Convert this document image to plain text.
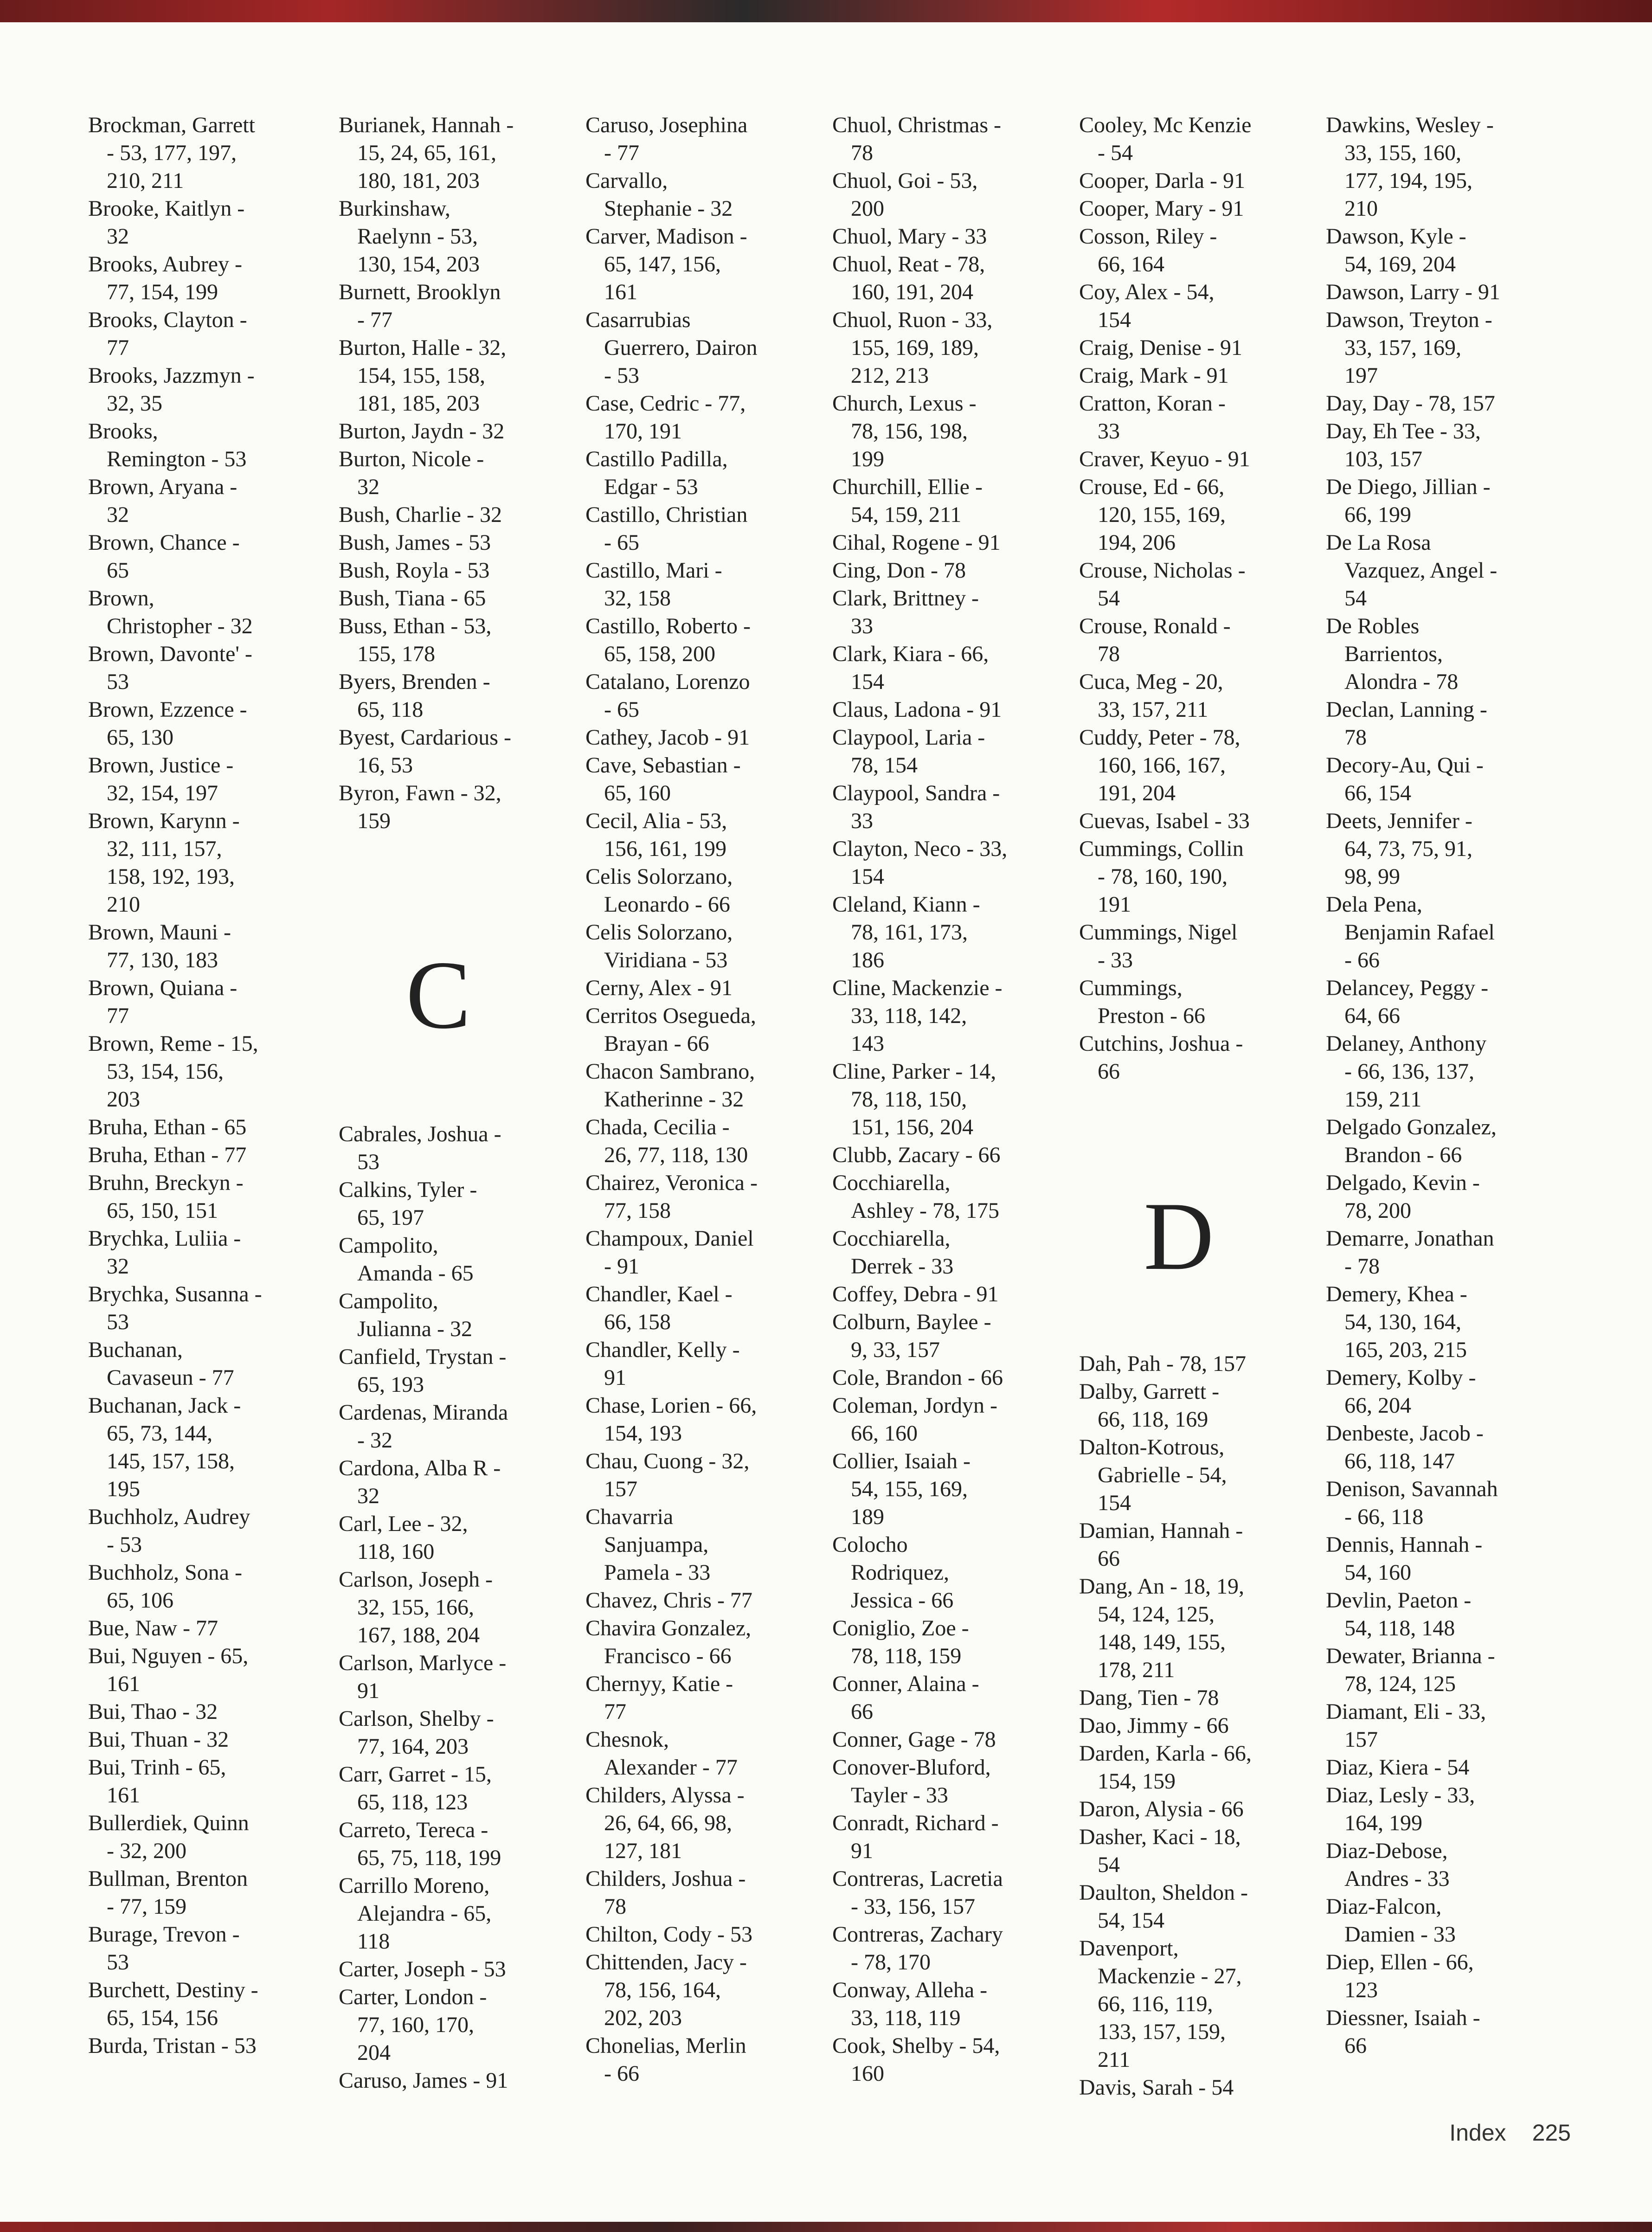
Brockman, Garrett
- 53, 177, 197,
210, 211
Brooke, Kaitlyn -
32
Brooks, Aubrey -
77, 154, 199
Brooks, Clayton -
77
Brooks, Jazzmyn -
32, 35
Brooks,
Remington - 53
Brown, Aryana -
32
Brown, Chance -
65
Brown,
Christopher - 32
Brown, Davonte' -
53
Brown, Ezzence -
65, 130
Brown, Justice -
32, 154, 197
Brown, Karynn -
32, 111, 157,
158, 192, 193,
210
Brown, Mauni -
77, 130, 183
Brown, Quiana -
77
Brown, Reme - 15,
53, 154, 156,
203
Bruha, Ethan - 65
Bruha, Ethan - 77
Bruhn, Breckyn -
65, 150, 151
Brychka, Luliia -
32
Brychka, Susanna -
53
Buchanan,
Cavaseun - 77
Buchanan, Jack -
65, 73, 144,
145, 157, 158,
195
Buchholz, Audrey
- 53
Buchholz, Sona -
65, 106
Bue, Naw - 77
Bui, Nguyen - 65,
161
Bui, Thao - 32
Bui, Thuan - 32
Bui, Trinh - 65,
161
Bullerdiek, Quinn
- 32, 200
Bullman, Brenton
- 77, 159
Burage, Trevon -
53
Burchett, Destiny -
65, 154, 156
Burda, Tristan - 53
Burianek, Hannah -
15, 24, 65, 161,
180, 181, 203
Burkinshaw,
Raelynn - 53,
130, 154, 203
Burnett, Brooklyn
- 77
Burton, Halle - 32,
154, 155, 158,
181, 185, 203
Burton, Jaydn - 32
Burton, Nicole -
32
Bush, Charlie - 32
Bush, James - 53
Bush, Royla - 53
Bush, Tiana - 65
Buss, Ethan - 53,
155, 178
Byers, Brenden -
65, 118
Byest, Cardarious -
16, 53
Byron, Fawn - 32,
159
C
Cabrales, Joshua -
53
Calkins, Tyler -
65, 197
Campolito,
Amanda - 65
Campolito,
Julianna - 32
Canfield, Trystan -
65, 193
Cardenas, Miranda
- 32
Cardona, Alba R -
32
Carl, Lee - 32,
118, 160
Carlson, Joseph -
32, 155, 166,
167, 188, 204
Carlson, Marlyce -
91
Carlson, Shelby -
77, 164, 203
Carr, Garret - 15,
65, 118, 123
Carreto, Tereca -
65, 75, 118, 199
Carrillo Moreno,
Alejandra - 65,
118
Carter, Joseph - 53
Carter, London -
77, 160, 170,
204
Caruso, James - 91
Caruso, Josephina
- 77
Carvallo,
Stephanie - 32
Carver, Madison -
65, 147, 156,
161
Casarrubias
Guerrero, Dairon
- 53
Case, Cedric - 77,
170, 191
Castillo Padilla,
Edgar - 53
Castillo, Christian
- 65
Castillo, Mari -
32, 158
Castillo, Roberto -
65, 158, 200
Catalano, Lorenzo
- 65
Cathey, Jacob - 91
Cave, Sebastian -
65, 160
Cecil, Alia - 53,
156, 161, 199
Celis Solorzano,
Leonardo - 66
Celis Solorzano,
Viridiana - 53
Cerny, Alex - 91
Cerritos Osegueda,
Brayan - 66
Chacon Sambrano,
Katherinne - 32
Chada, Cecilia -
26, 77, 118, 130
Chairez, Veronica -
77, 158
Champoux, Daniel
- 91
Chandler, Kael -
66, 158
Chandler, Kelly -
91
Chase, Lorien - 66,
154, 193
Chau, Cuong - 32,
157
Chavarria
Sanjuampa,
Pamela - 33
Chavez, Chris - 77
Chavira Gonzalez,
Francisco - 66
Chernyy, Katie -
77
Chesnok,
Alexander - 77
Childers, Alyssa -
26, 64, 66, 98,
127, 181
Childers, Joshua -
78
Chilton, Cody - 53
Chittenden, Jacy -
78, 156, 164,
202, 203
Chonelias, Merlin
- 66
Chuol, Christmas -
78
Chuol, Goi - 53,
200
Chuol, Mary - 33
Chuol, Reat - 78,
160, 191, 204
Chuol, Ruon - 33,
155, 169, 189,
212, 213
Church, Lexus -
78, 156, 198,
199
Churchill, Ellie -
54, 159, 211
Cihal, Rogene - 91
Cing, Don - 78
Clark, Brittney -
33
Clark, Kiara - 66,
154
Claus, Ladona - 91
Claypool, Laria -
78, 154
Claypool, Sandra -
33
Clayton, Neco - 33,
154
Cleland, Kiann -
78, 161, 173,
186
Cline, Mackenzie -
33, 118, 142,
143
Cline, Parker - 14,
78, 118, 150,
151, 156, 204
Clubb, Zacary - 66
Cocchiarella,
Ashley - 78, 175
Cocchiarella,
Derrek - 33
Coffey, Debra - 91
Colburn, Baylee -
9, 33, 157
Cole, Brandon - 66
Coleman, Jordyn -
66, 160
Collier, Isaiah -
54, 155, 169,
189
Colocho
Rodriquez,
Jessica - 66
Coniglio, Zoe -
78, 118, 159
Conner, Alaina -
66
Conner, Gage - 78
Conover-Bluford,
Tayler - 33
Conradt, Richard -
91
Contreras, Lacretia
- 33, 156, 157
Contreras, Zachary
- 78, 170
Conway, Alleha -
33, 118, 119
Cook, Shelby - 54,
160
Cooley, Mc Kenzie
- 54
Cooper, Darla - 91
Cooper, Mary - 91
Cosson, Riley -
66, 164
Coy, Alex - 54,
154
Craig, Denise - 91
Craig, Mark - 91
Cratton, Koran -
33
Craver, Keyuo - 91
Crouse, Ed - 66,
120, 155, 169,
194, 206
Crouse, Nicholas -
54
Crouse, Ronald -
78
Cuca, Meg - 20,
33, 157, 211
Cuddy, Peter - 78,
160, 166, 167,
191, 204
Cuevas, Isabel - 33
Cummings, Collin
- 78, 160, 190,
191
Cummings, Nigel
- 33
Cummings,
Preston - 66
Cutchins, Joshua -
66
D
Dah, Pah - 78, 157
Dalby, Garrett -
66, 118, 169
Dalton-Kotrous,
Gabrielle - 54,
154
Damian, Hannah -
66
Dang, An - 18, 19,
54, 124, 125,
148, 149, 155,
178, 211
Dang, Tien - 78
Dao, Jimmy - 66
Darden, Karla - 66,
154, 159
Daron, Alysia - 66
Dasher, Kaci - 18,
54
Daulton, Sheldon -
54, 154
Davenport,
Mackenzie - 27,
66, 116, 119,
133, 157, 159,
211
Davis, Sarah - 54
Dawkins, Wesley -
33, 155, 160,
177, 194, 195,
210
Dawson, Kyle -
54, 169, 204
Dawson, Larry - 91
Dawson, Treyton -
33, 157, 169,
197
Day, Day - 78, 157
Day, Eh Tee - 33,
103, 157
De Diego, Jillian -
66, 199
De La Rosa
Vazquez, Angel -
54
De Robles
Barrientos,
Alondra - 78
Declan, Lanning -
78
Decory-Au, Qui -
66, 154
Deets, Jennifer -
64, 73, 75, 91,
98, 99
Dela Pena,
Benjamin Rafael
- 66
Delancey, Peggy -
64, 66
Delaney, Anthony
- 66, 136, 137,
159, 211
Delgado Gonzalez,
Brandon - 66
Delgado, Kevin -
78, 200
Demarre, Jonathan
- 78
Demery, Khea -
54, 130, 164,
165, 203, 215
Demery, Kolby -
66, 204
Denbeste, Jacob -
66, 118, 147
Denison, Savannah
- 66, 118
Dennis, Hannah -
54, 160
Devlin, Paeton -
54, 118, 148
Dewater, Brianna -
78, 124, 125
Diamant, Eli - 33,
157
Diaz, Kiera - 54
Diaz, Lesly - 33,
164, 199
Diaz-Debose,
Andres - 33
Diaz-Falcon,
Damien - 33
Diep, Ellen - 66,
123
Diessner, Isaiah -
66
Index 225
